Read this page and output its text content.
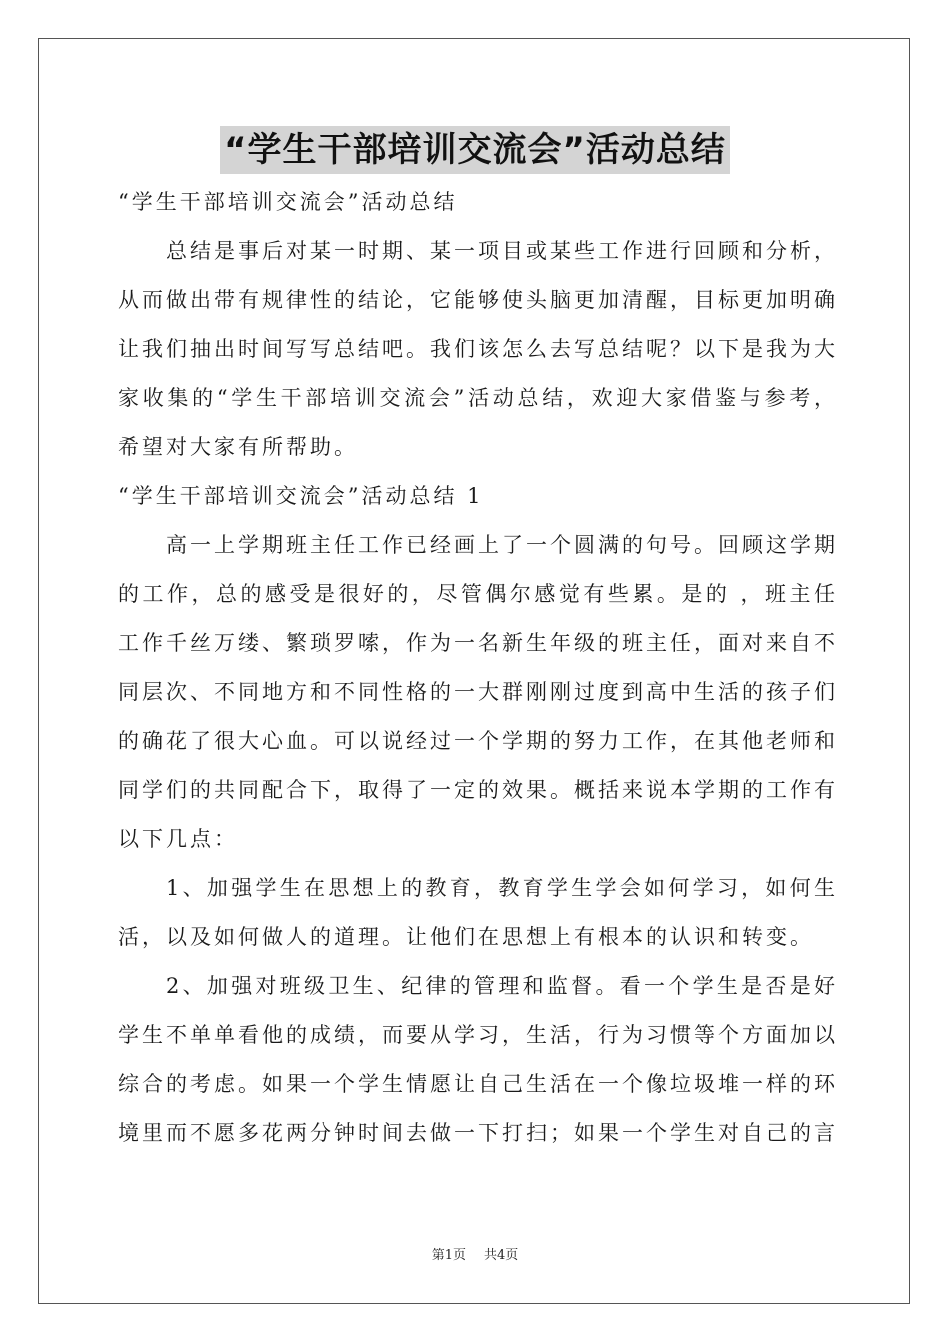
“学生干部培训交流会”活动总结

“学生干部培训交流会”活动总结

总结是事后对某一时期、某一项目或某些工作进行回顾和分析，从而做出带有规律性的结论，它能够使头脑更加清醒，目标更加明确让我们抽出时间写写总结吧。我们该怎么去写总结呢？以下是我为大家收集的“学生干部培训交流会”活动总结，欢迎大家借鉴与参考，希望对大家有所帮助。

“学生干部培训交流会”活动总结 1

高一上学期班主任工作已经画上了一个圆满的句号。回顾这学期的工作，总的感受是很好的，尽管偶尔感觉有些累。是的 ，班主任工作千丝万缕、繁琐罗嗦，作为一名新生年级的班主任，面对来自不同层次、不同地方和不同性格的一大群刚刚过度到高中生活的孩子们的确花了很大心血。可以说经过一个学期的努力工作，在其他老师和同学们的共同配合下，取得了一定的效果。概括来说本学期的工作有以下几点：

1、加强学生在思想上的教育，教育学生学会如何学习，如何生活，以及如何做人的道理。让他们在思想上有根本的认识和转变。

2、加强对班级卫生、纪律的管理和监督。看一个学生是否是好学生不单单看他的成绩，而要从学习，生活，行为习惯等个方面加以综合的考虑。如果一个学生情愿让自己生活在一个像垃圾堆一样的环境里而不愿多花两分钟时间去做一下打扫；如果一个学生对自己的言

第1页 共4页
